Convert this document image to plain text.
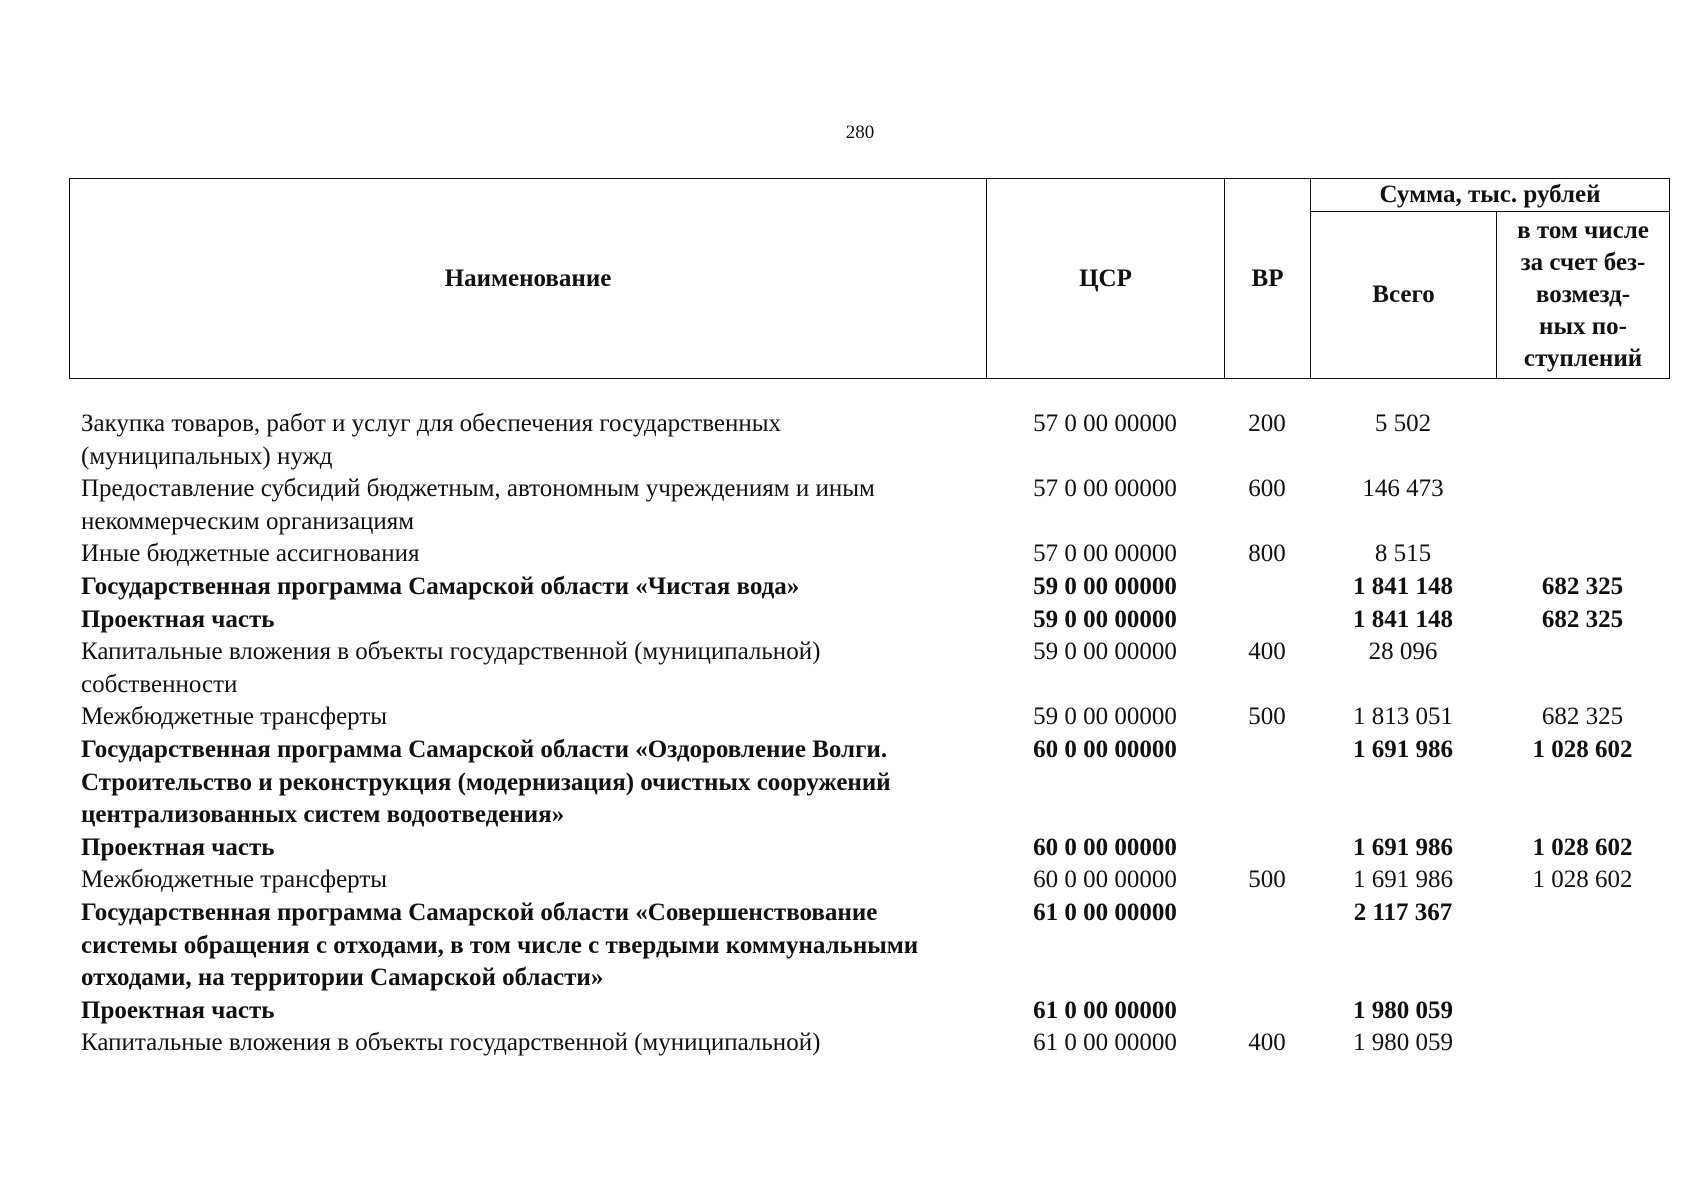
280
Наименование	ЦСР	ВР	Сумма, тыс. рублей	
			Всего	в том числе
за счет без-
возмезд-
ных по-
ступлений
Закупка товаров, работ и услуг для обеспечения государственных (муниципальных) нужд	57 0 00 00000	200	5 502	
Предоставление субсидий бюджетным, автономным учреждениям и иным некоммерческим организациям	57 0 00 00000	600	146 473	
Иные бюджетные ассигнования	57 0 00 00000	800	8 515	
Государственная программа Самарской области «Чистая вода»	59 0 00 00000		1 841 148	682 325
Проектная часть	59 0 00 00000		1 841 148	682 325
Капитальные вложения в объекты государственной (муниципальной) собственности	59 0 00 00000	400	28 096	
Межбюджетные трансферты	59 0 00 00000	500	1 813 051	682 325
Государственная программа Самарской области «Оздоровление Волги. Строительство и реконструкция (модернизация) очистных сооружений централизованных систем водоотведения»	60 0 00 00000		1 691 986	1 028 602
Проектная часть	60 0 00 00000		1 691 986	1 028 602
Межбюджетные трансферты	60 0 00 00000	500	1 691 986	1 028 602
Государственная программа Самарской области «Совершенствование системы обращения с отходами, в том числе с твердыми коммунальными отходами, на территории Самарской области»	61 0 00 00000		2 117 367	
Проектная часть	61 0 00 00000		1 980 059	
Капитальные вложения в объекты государственной (муниципальной)	61 0 00 00000	400	1 980 059	
